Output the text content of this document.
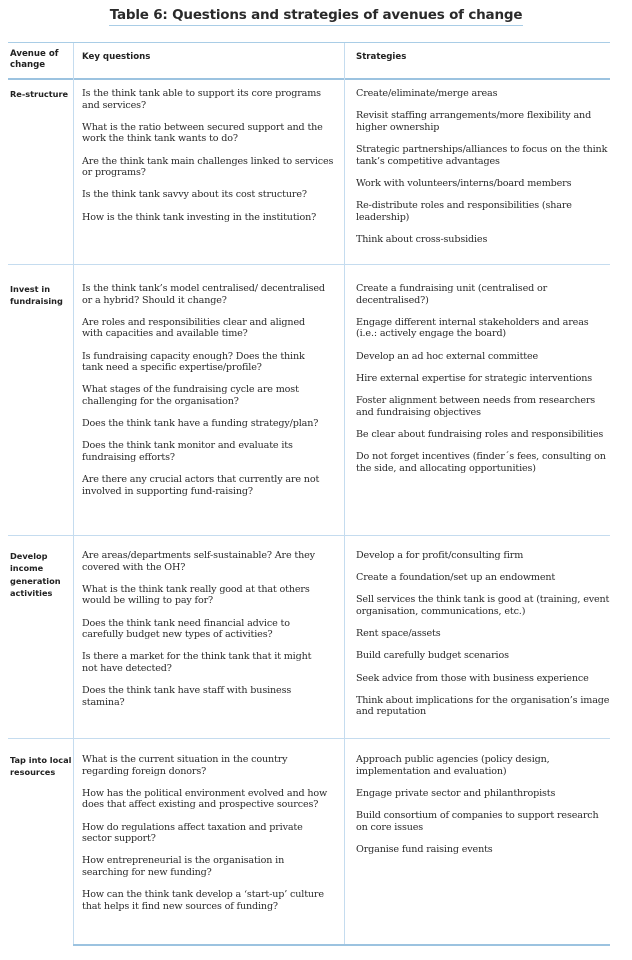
Table 6: Questions and strategies of avenues of change
Avenue of change
Key questions	Strategies
Re-structure	Is the think tank able to support its core programs and services?
What is the ratio between secured support and the work the think tank wants to do?
Are the think tank main challenges linked to services or programs?
Is the think tank savvy about its cost structure?
How is the think tank investing in the institution?
Create/eliminate/merge areas
Revisit staffing arrangements/more flexibility and higher ownership
Strategic partnerships/alliances to focus on the think tank’s competitive advantages
Work with volunteers/interns/board members
Re-distribute roles and responsibilities (share leadership)
Think about cross-subsidies
Invest in fundraising
Is the think tank’s model centralised/ decentralised or a hybrid? Should it change?
Are roles and responsibilities clear and aligned with capacities and available time?
Is fundraising capacity enough? Does the think tank need a specific expertise/profile?
What stages of the fundraising cycle are most challenging for the organisation?
Does the think tank have a funding strategy/plan?
Does the think tank monitor and evaluate its fundraising efforts?
Are there any crucial actors that currently are not involved in supporting fund-raising?
Create a fundraising unit (centralised or decentralised?)
Engage different internal stakeholders and areas (i.e.: actively engage the board)
Develop an ad hoc external committee
Hire external expertise for strategic interventions
Foster alignment between needs from researchers and fundraising objectives
Be clear about fundraising roles and responsibilities
Do not forget incentives (finder´s fees, consulting on the side, and allocating opportunities)
Develop income generation activities
Are areas/departments self-sustainable? Are they covered with the OH?
What is the think tank really good at that others would be willing to pay for?
Does the think tank need financial advice to carefully budget new types of activities?
Is there a market for the think tank that it might not have detected?
Does the think tank have staff with business stamina?
Develop a for profit/consulting firm
Create a foundation/set up an endowment
Sell services the think tank is good at (training, event organisation, communications, etc.)
Rent space/assets
Build carefully budget scenarios
Seek advice from those with business experience
Think about implications for the organisation’s image and reputation
Tap into local resources
What is the current situation in the country regarding foreign donors?
How has the political environment evolved and how does that affect existing and prospective sources?
How do regulations affect taxation and private sector support?
How entrepreneurial is the organisation in searching for new funding?
How can the think tank develop a ‘start-up’ culture that helps it find new sources of funding?
Approach public agencies (policy design, implementation and evaluation)
Engage private sector and philanthropists
Build consortium of companies to support research on core issues
Organise fund raising events
